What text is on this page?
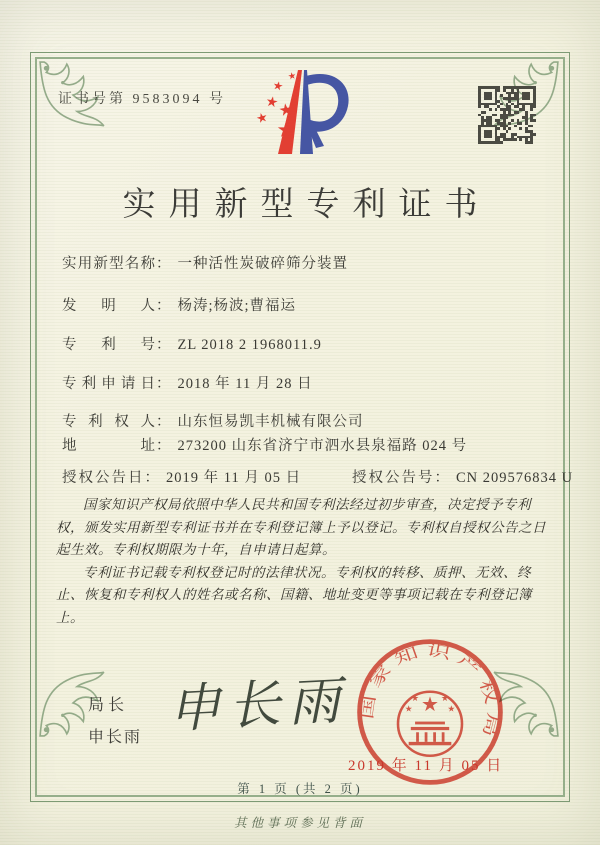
证书号第 9583094 号
实用新型专利证书
实用新型名称： 一种活性炭破碎筛分装置
发明人： 杨涛;杨波;曹福运
专利号： ZL 2018 2 1968011.9
专利申请日： 2018 年 11 月 28 日
专利权人： 山东恒易凯丰机械有限公司
地址： 273200 山东省济宁市泗水县泉福路 024 号
授权公告日： 2019 年 11 月 05 日	授权公告号： CN 209576834 U

国家知识产权局依照中华人民共和国专利法经过初步审查，决定授予专利权，颁发实用新型专利证书并在专利登记簿上予以登记。专利权自授权公告之日起生效。专利权期限为十年，自申请日起算。

专利证书记载专利权登记时的法律状况。专利权的转移、质押、无效、终止、恢复和专利权人的姓名或名称、国籍、地址变更等事项记载在专利登记簿上。

局长
申长雨 申长雨 国家知识产权局
2019 年 11 月 05 日
第 1 页 (共 2 页)
其他事项参见背面
